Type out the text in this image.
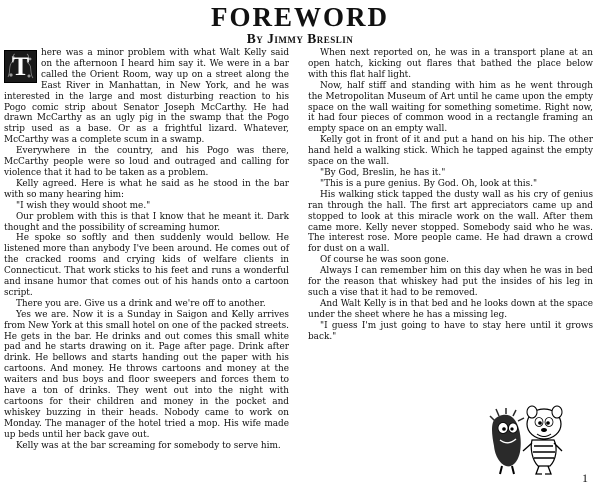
FOREWORD
By Jimmy Breslin

T	here was a minor problem with what Walt Kelly said on the afternoon I heard him say it. We were in a bar called the Orient Room, way up on a street along the East River in Manhattan, in New York, and he was interested in the large and most disturbing reaction to his Pogo comic strip about Senator Joseph McCarthy. He had drawn McCarthy as an ugly pig in the swamp that the Pogo strip used as a base. Or as a frightful lizard. Whatever, McCarthy was a complete scum in a swamp.

Everywhere in the country, and his Pogo was there, McCarthy people were so loud and outraged and calling for violence that it had to be taken as a problem.

Kelly agreed. Here is what he said as he stood in the bar with so many hearing him:

"I wish they would shoot me."

Our problem with this is that I know that he meant it. Dark thought and the possibility of screaming humor.

He spoke so softly and then suddenly would bellow. He listened more than anybody I've been around. He comes out of the cracked rooms and crying kids of welfare clients in Connecticut. That work sticks to his feet and runs a wonderful and insane humor that comes out of his hands onto a cartoon script.

There you are. Give us a drink and we're off to another.

Yes we are. Now it is a Sunday in Saigon and Kelly arrives from New York at this small hotel on one of the packed streets. He gets in the bar. He drinks and out comes this small white pad and he starts drawing on it. Page after page. Drink after drink. He bellows and starts handing out the paper with his cartoons. And money. He throws cartoons and money at the waiters and bus boys and floor sweepers and forces them to have a ton of drinks. They went out into the night with cartoons for their children and money in the pocket and whiskey buzzing in their heads. Nobody came to work on Monday. The manager of the hotel tried a mop. His wife made up beds until her back gave out.

Kelly was at the bar screaming for somebody to serve him.

When next reported on, he was in a transport plane at an open hatch, kicking out flares that bathed the place below with this flat half light.

Now, half stiff and standing with him as he went through the Metropolitan Museum of Art until he came upon the empty space on the wall waiting for something sometime. Right now, it had four pieces of common wood in a rectangle framing an empty space on an empty wall.

Kelly got in front of it and put a hand on his hip. The other hand held a walking stick. Which he tapped against the empty space on the wall.

"By God, Breslin, he has it."

"This is a pure genius. By God. Oh, look at this."

His walking stick tapped the dusty wall as his cry of genius ran through the hall. The first art appreciators came up and stopped to look at this miracle work on the wall. After them came more. Kelly never stopped. Somebody said who he was. The interest rose. More people came. He had drawn a crowd for dust on a wall.

Of course he was soon gone.

Always I can remember him on this day when he was in bed for the reason that whiskey had put the insides of his leg in such a vise that it had to be removed.

And Walt Kelly is in that bed and he looks down at the space under the sheet where he has a missing leg.

"I guess I'm just going to have to stay here until it grows back."

1
